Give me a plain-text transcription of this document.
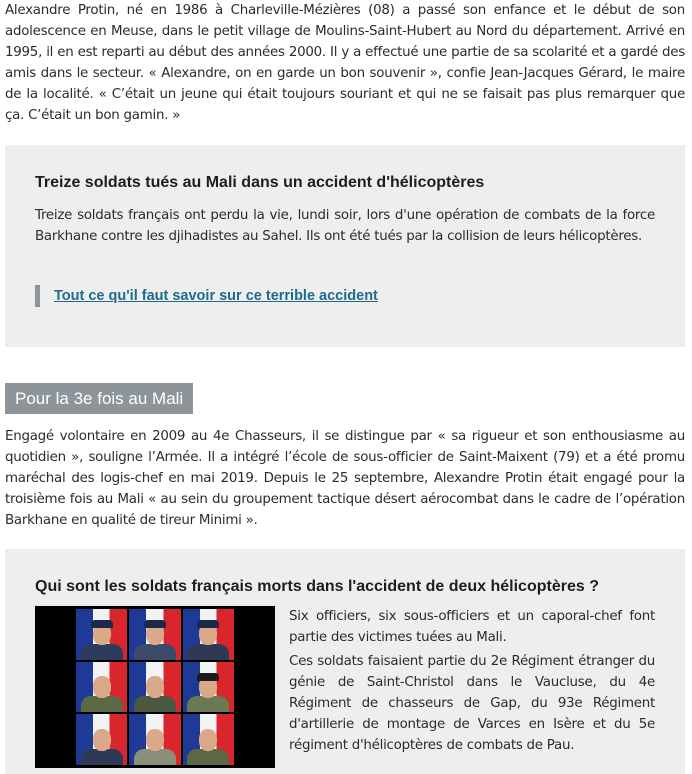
Alexandre Protin, né en 1986 à Charleville-Mézières (08) a passé son enfance et le début de son adolescence en Meuse, dans le petit village de Moulins-Saint-Hubert au Nord du département. Arrivé en 1995, il en est reparti au début des années 2000. Il y a effectué une partie de sa scolarité et a gardé des amis dans le secteur. « Alexandre, on en garde un bon souvenir », confie Jean-Jacques Gérard, le maire de la localité. « C’était un jeune qui était toujours souriant et qui ne se faisait pas plus remarquer que ça. C’était un bon gamin. »

Treize soldats tués au Mali dans un accident d'hélicoptères

Treize soldats français ont perdu la vie, lundi soir, lors d'une opération de combats de la force Barkhane contre les djihadistes au Sahel. Ils ont été tués par la collision de leurs hélicoptères.

Tout ce qu'il faut savoir sur ce terrible accident
Pour la 3e fois au Mali

Engagé volontaire en 2009 au 4e Chasseurs, il se distingue par « sa rigueur et son enthousiasme au quotidien », souligne l’Armée. Il a intégré l’école de sous-officier de Saint-Maixent (79) et a été promu maréchal des logis-chef en mai 2019. Depuis le 25 septembre, Alexandre Protin était engagé pour la troisième fois au Mali « au sein du groupement tactique désert aérocombat dans le cadre de l’opération Barkhane en qualité de tireur Minimi ».

Qui sont les soldats français morts dans l'accident de deux hélicoptères ?

Six officiers, six sous-officiers et un caporal-chef font partie des victimes tuées au Mali.

Ces soldats faisaient partie du 2e Régiment étranger du génie de Saint-Christol dans le Vaucluse, du 4e Régiment de chasseurs de Gap, du 93e Régiment d'artillerie de montage de Varces en Isère et du 5e régiment d'hélicoptères de combats de Pau.
